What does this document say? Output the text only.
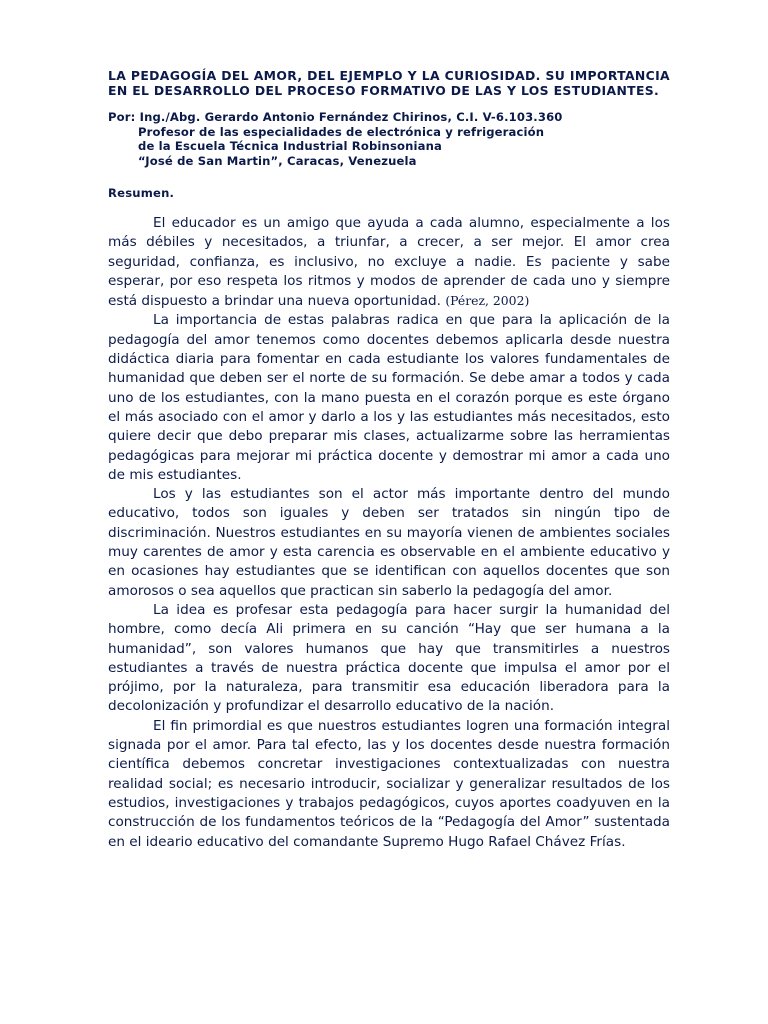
LA PEDAGOGÍA DEL AMOR, DEL EJEMPLO Y LA CURIOSIDAD. SU IMPORTANCIA EN EL DESARROLLO DEL PROCESO FORMATIVO DE LAS Y LOS ESTUDIANTES.

Por: Ing./Abg. Gerardo Antonio Fernández Chirinos, C.I. V-6.103.360
Profesor de las especialidades de electrónica y refrigeración
de la Escuela Técnica Industrial Robinsoniana
“José de San Martin”, Caracas, Venezuela
Resumen.

El educador es un amigo que ayuda a cada alumno, especialmente a los más débiles y necesitados, a triunfar, a crecer, a ser mejor. El amor crea seguridad, confianza, es inclusivo, no excluye a nadie. Es paciente y sabe esperar, por eso respeta los ritmos y modos de aprender de cada uno y siempre está dispuesto a brindar una nueva oportunidad. (Pérez, 2002)

La importancia de estas palabras radica en que para la aplicación de la pedagogía del amor tenemos como docentes debemos aplicarla desde nuestra didáctica diaria para fomentar en cada estudiante los valores fundamentales de humanidad que deben ser el norte de su formación. Se debe amar a todos y cada uno de los estudiantes, con la mano puesta en el corazón porque es este órgano el más asociado con el amor y darlo a los y las estudiantes más necesitados, esto quiere decir que debo preparar mis clases, actualizarme sobre las herramientas pedagógicas para mejorar mi práctica docente y demostrar mi amor a cada uno de mis estudiantes.

Los y las estudiantes son el actor más importante dentro del mundo educativo, todos son iguales y deben ser tratados sin ningún tipo de discriminación. Nuestros estudiantes en su mayoría vienen de ambientes sociales muy carentes de amor y esta carencia es observable en el ambiente educativo y en ocasiones hay estudiantes que se identifican con aquellos docentes que son amorosos o sea aquellos que practican sin saberlo la pedagogía del amor.

La idea es profesar esta pedagogía para hacer surgir la humanidad del hombre, como decía Ali primera en su canción “Hay que ser humana a la humanidad”, son valores humanos que hay que transmitirles a nuestros estudiantes a través de nuestra práctica docente que impulsa el amor por el prójimo, por la naturaleza, para transmitir esa educación liberadora para la decolonización y profundizar el desarrollo educativo de la nación.

El fin primordial es que nuestros estudiantes logren una formación integral signada por el amor. Para tal efecto, las y los docentes desde nuestra formación científica debemos concretar investigaciones contextualizadas con nuestra realidad social; es necesario introducir, socializar y generalizar resultados de los estudios, investigaciones y trabajos pedagógicos, cuyos aportes coadyuven en la construcción de los fundamentos teóricos de la “Pedagogía del Amor” sustentada en el ideario educativo del comandante Supremo Hugo Rafael Chávez Frías.
